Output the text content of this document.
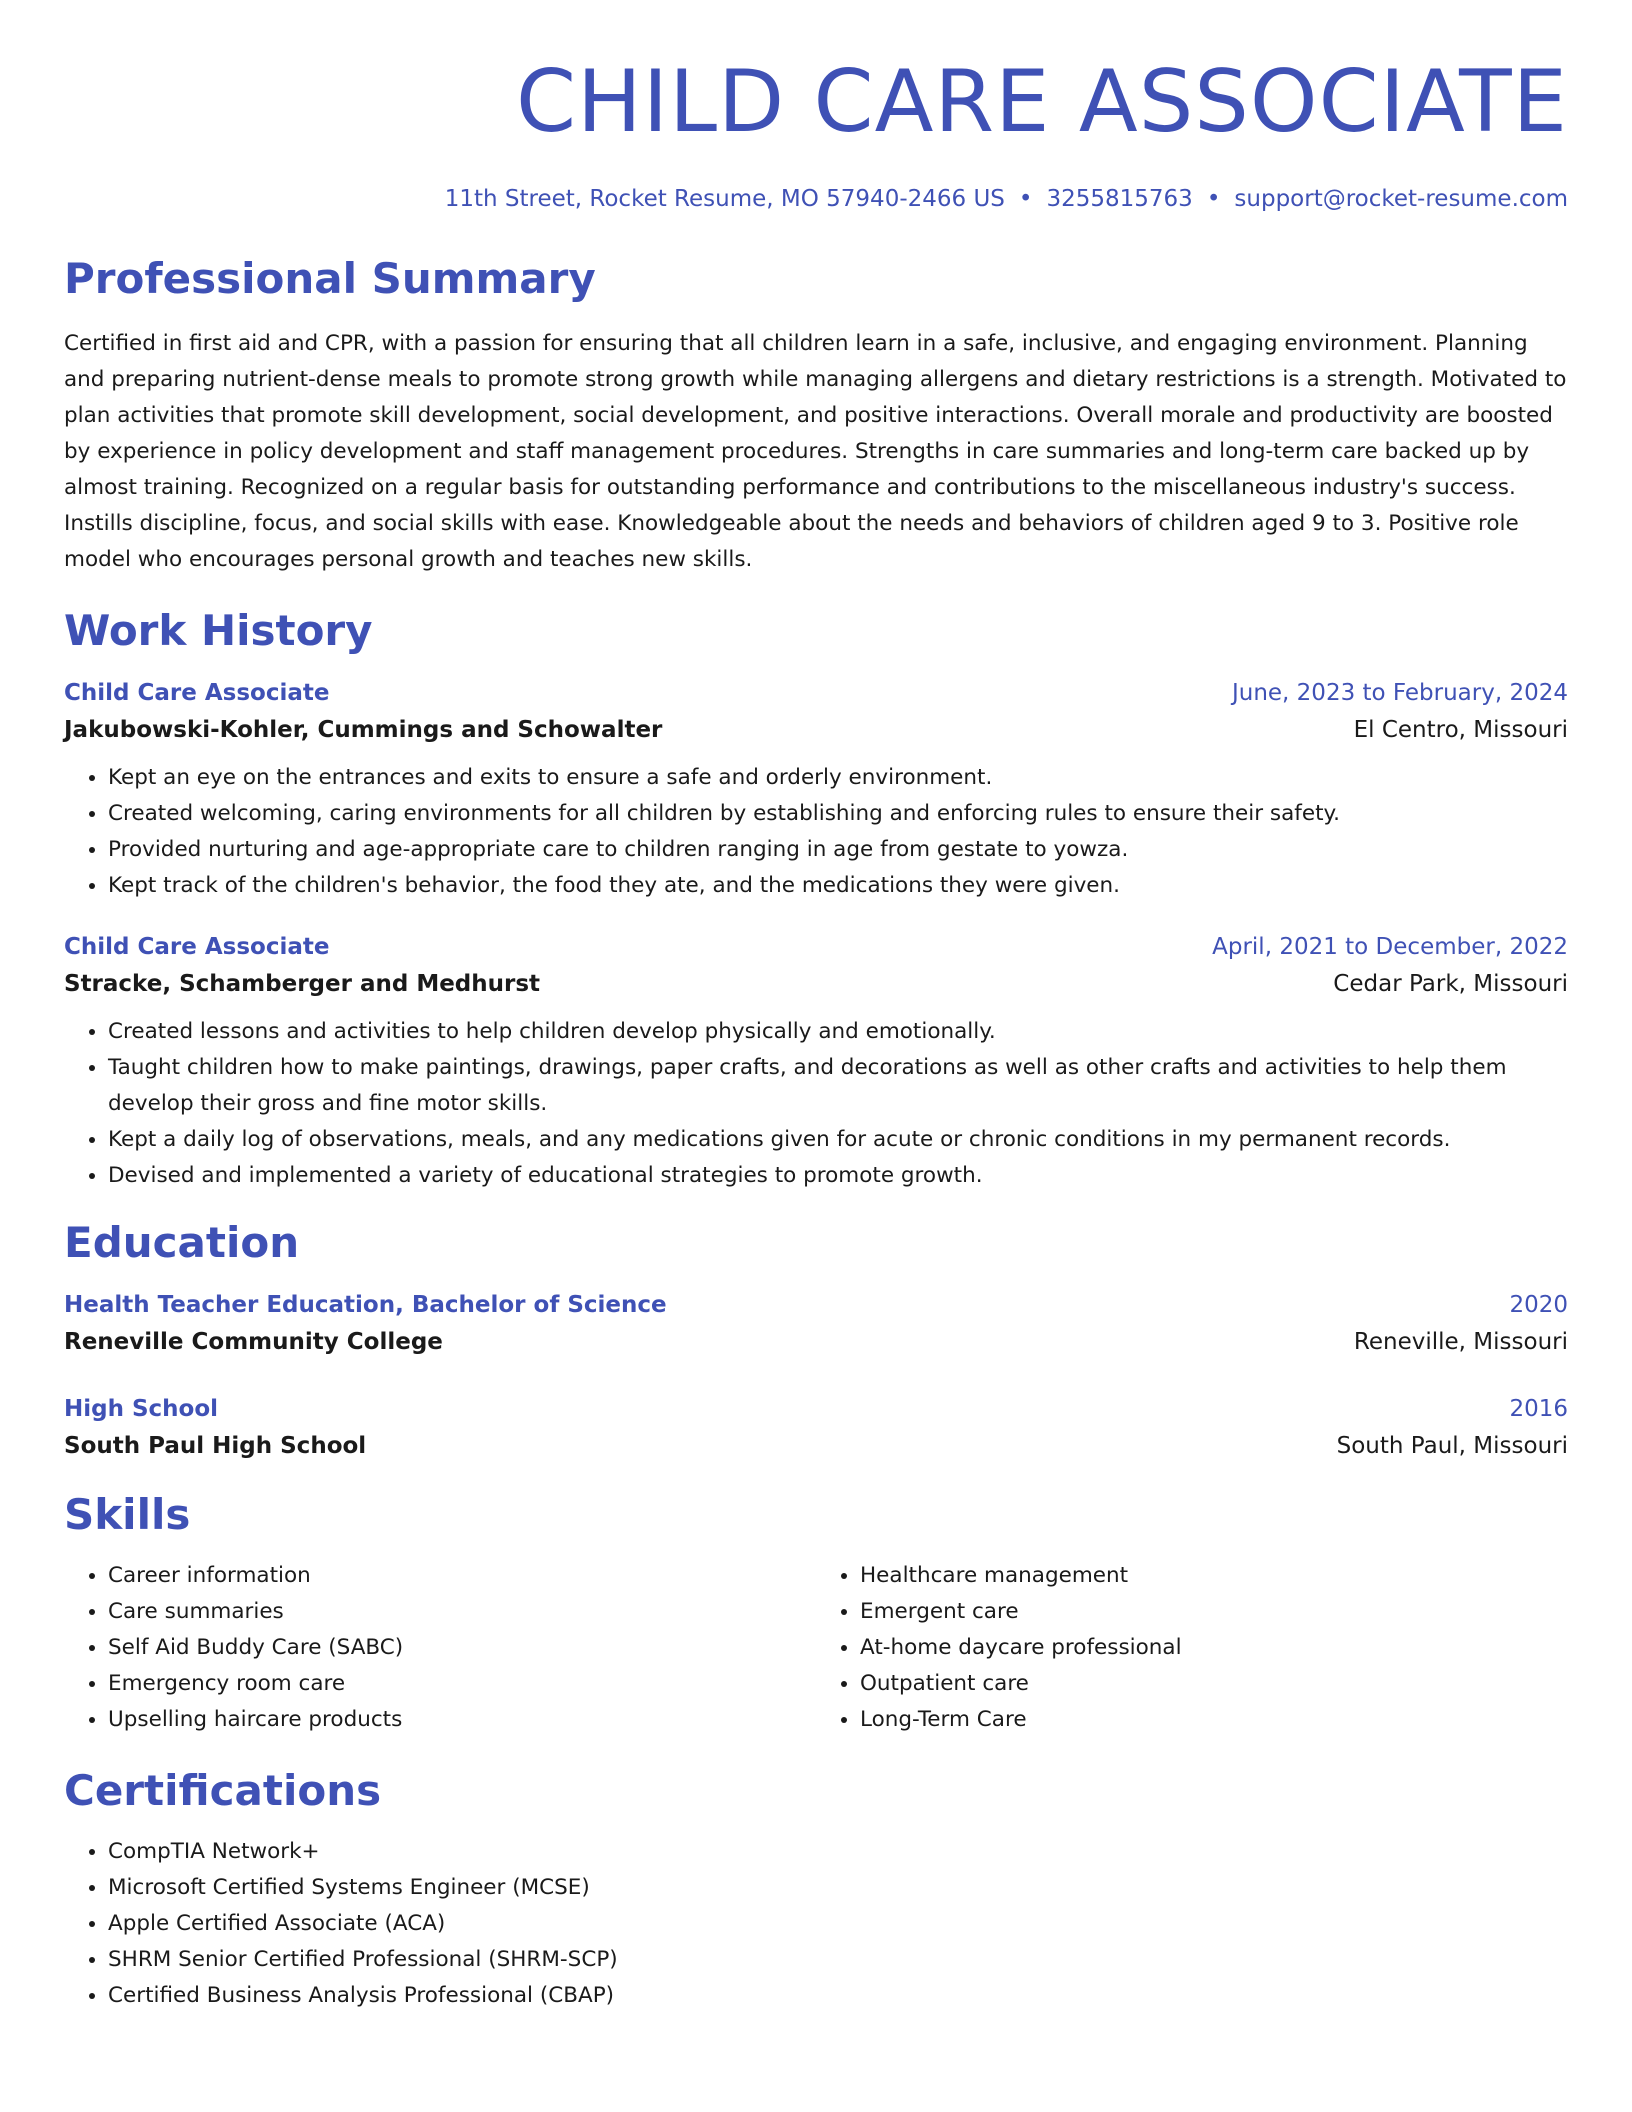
CHILD CARE ASSOCIATE
11th Street, Rocket Resume, MO 57940-2466 US • 3255815763 • support@rocket-resume.com
Professional Summary
Certified in first aid and CPR, with a passion for ensuring that all children learn in a safe, inclusive, and engaging environment. Planning and preparing nutrient-dense meals to promote strong growth while managing allergens and dietary restrictions is a strength. Motivated to plan activities that promote skill development, social development, and positive interactions. Overall morale and productivity are boosted by experience in policy development and staff management procedures. Strengths in care summaries and long-term care backed up by almost training. Recognized on a regular basis for outstanding performance and contributions to the miscellaneous industry's success. Instills discipline, focus, and social skills with ease. Knowledgeable about the needs and behaviors of children aged 9 to 3. Positive role model who encourages personal growth and teaches new skills.
Work History
Child Care Associate	June, 2023 to February, 2024
Jakubowski-Kohler, Cummings and Schowalter	El Centro, Missouri
• Kept an eye on the entrances and exits to ensure a safe and orderly environment.
• Created welcoming, caring environments for all children by establishing and enforcing rules to ensure their safety.
• Provided nurturing and age-appropriate care to children ranging in age from gestate to yowza.
• Kept track of the children's behavior, the food they ate, and the medications they were given.
Child Care Associate	April, 2021 to December, 2022
Stracke, Schamberger and Medhurst	Cedar Park, Missouri
• Created lessons and activities to help children develop physically and emotionally.
• Taught children how to make paintings, drawings, paper crafts, and decorations as well as other crafts and activities to help them develop their gross and fine motor skills.
• Kept a daily log of observations, meals, and any medications given for acute or chronic conditions in my permanent records.
• Devised and implemented a variety of educational strategies to promote growth.
Education
Health Teacher Education, Bachelor of Science	2020
Reneville Community College	Reneville, Missouri
High School	2016
South Paul High School	South Paul, Missouri
Skills
• Career information
• Care summaries
• Self Aid Buddy Care (SABC)
• Emergency room care
• Upselling haircare products
• Healthcare management
• Emergent care
• At-home daycare professional
• Outpatient care
• Long-Term Care
Certifications
• CompTIA Network+
• Microsoft Certified Systems Engineer (MCSE)
• Apple Certified Associate (ACA)
• SHRM Senior Certified Professional (SHRM-SCP)
• Certified Business Analysis Professional (CBAP)
